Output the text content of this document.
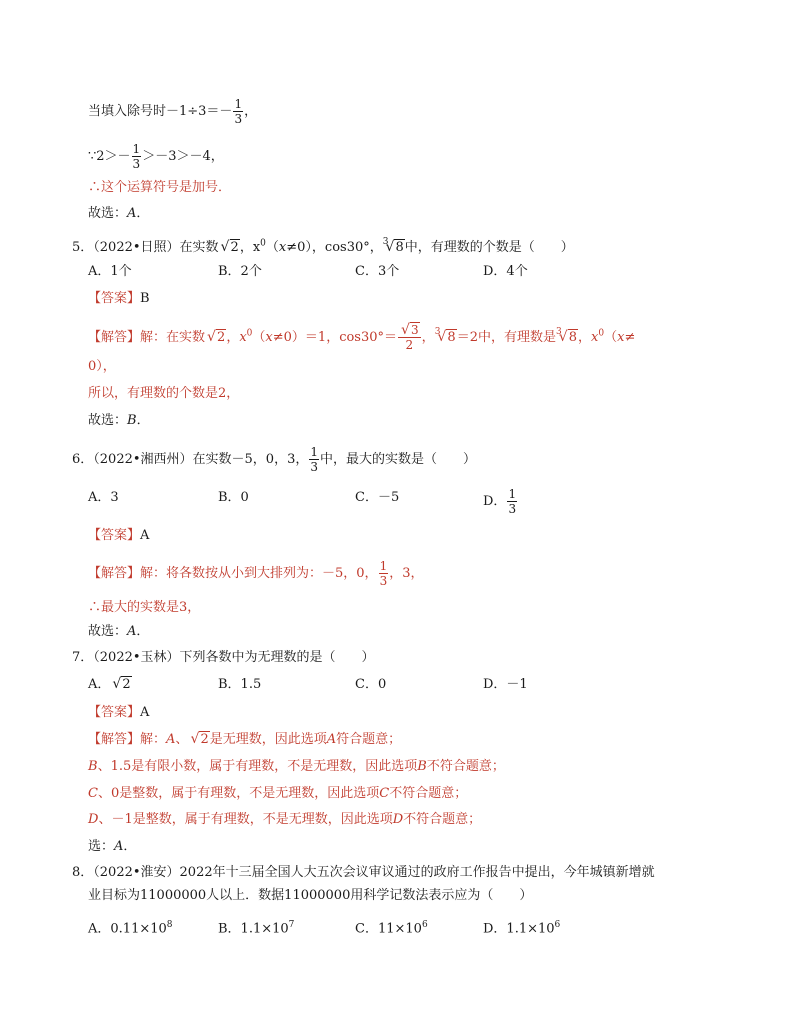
当填入除号时$-1\div 3=- \frac{1}{3}$ ，
∵2＞－ $\frac{1}{3} >-3>-4$，
∴这个运算符号是加号．
故选：A．
5．（2022•日照）在实数 √ 2，$x^0(x\ne 0)$，cos30°，$^3$ √ 8中，有理数的个数是（　　）
A．1个	B．2个	C．3个	D．4个
【答案】B
【解答】解：在实数 √ 2，$x^0(x\ne 0)=1$，cos30°＝ √ $\frac{3}{2}$ ，$^3$ √ 8＝2中，有理数是$^3$ √ 8，$x^0(x\ne$
0），
所以，有理数的个数是2，
故选：B．
6．（2022•湘西州）在实数－5，0，3， $\frac{1}{3}$ 中，最大的实数是（　　）
A．3	B．0	C．－5	D． $\frac{1}{3}$
【答案】A
【解答】解：将各数按从小到大排列为：－5，0， $\frac{1}{3}$ ，3，
∴最大的实数是3，
故选：A．
7．（2022•玉林）下列各数中为无理数的是（　　）
A． √ 2	B．1.5	C．0	D．－1
【答案】A
【解答】解：A、 √ 2是无理数，因此选项A符合题意；
B、1.5是有限小数，属于有理数，不是无理数，因此选项B不符合题意；
C、0是整数，属于有理数，不是无理数，因此选项C不符合题意；
D、－1是整数，属于有理数，不是无理数，因此选项D不符合题意；
选：A．
8．（2022•淮安）2022年十三届全国人大五次会议审议通过的政府工作报告中提出，今年城镇新增就
业目标为11000000人以上．数据11000000用科学记数法表示应为（　　）
A．$0.11\times 10^8$	B．$1.1\times 10^7$	C．$11\times 10^6$	D．$1.1\times 10^6$
